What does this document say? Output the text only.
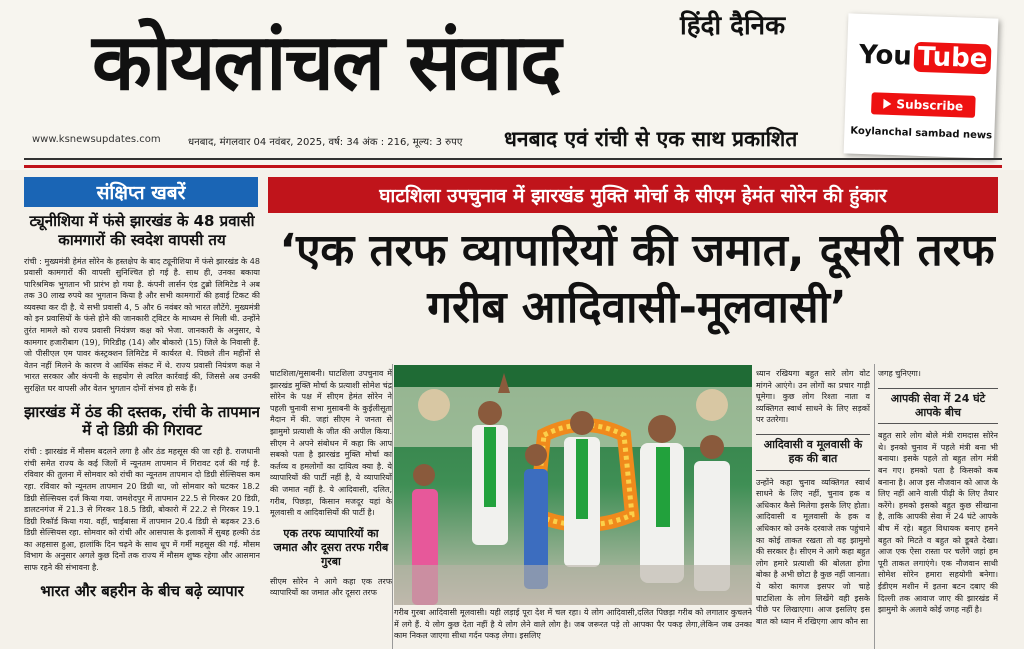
हिंदी दैनिक
कोयलांचल संवाद
www.ksnewsupdates.com	धनबाद, मंगलवार 04 नवंबर, 2025, वर्ष: 34 अंक : 216, मूल्य: 3 रुपए धनबाद एवं रांची से एक साथ प्रकाशित
You Tube
Subscribe
Koylanchal sambad news
संक्षिप्त खबरें
ट्यूनीशिया में फंसे झारखंड के 48 प्रवासी कामगारों की स्वदेश वापसी तय

रांची : मुख्यमंत्री हेमंत सोरेन के हस्तक्षेप के बाद ट्यूनीशिया में फंसे झारखंड के 48 प्रवासी कामगारों की वापसी सुनिश्चित हो गई है. साथ ही, उनका बकाया पारिश्रमिक भुगतान भी प्रारंभ हो गया है. कंपनी लार्सन एंड टुब्रो लिमिटेड ने अब तक 30 लाख रुपये का भुगतान किया है और सभी कामगारों की हवाई टिकट की व्यवस्था कर दी है. ये सभी प्रवासी 4, 5 और 6 नवंबर को भारत लौटेंगे. मुख्यमंत्री को इन प्रवासियों के फंसे होने की जानकारी ट्विटर के माध्यम से मिली थी. उन्होंने तुरंत मामले को राज्य प्रवासी नियंत्रण कक्ष को भेजा. जानकारी के अनुसार, ये कामगार हजारीबाग (19), गिरिडीह (14) और बोकारो (15) जिले के निवासी हैं. जो पीसीएल एम पावर कंस्ट्रक्शन लिमिटेड में कार्यरत थे. पिछले तीन महीनों से वेतन नहीं मिलने के कारण वे आर्थिक संकट में थे. राज्य प्रवासी नियंत्रण कक्ष ने भारत सरकार और कंपनी के सहयोग से त्वरित कार्रवाई की, जिससे अब उनकी सुरक्षित घर वापसी और वेतन भुगतान दोनों संभव हो सके हैं।

झारखंड में ठंड की दस्तक, रांची के तापमान में दो डिग्री की गिरावट

रांची : झारखंड में मौसम बदलने लगा है और ठंड महसूस की जा रही है. राजधानी रांची समेत राज्य के कई जिलों में न्यूनतम तापमान में गिरावट दर्ज की गई है. रविवार की तुलना में सोमवार को रांची का न्यूनतम तापमान दो डिग्री सेल्सियस कम रहा. रविवार को न्यूनतम तापमान 20 डिग्री था, जो सोमवार को घटकर 18.2 डिग्री सेल्सियस दर्ज किया गया. जमशेदपुर में तापमान 22.5 से गिरकर 20 डिग्री, डालटनगंज में 21.3 से गिरकर 18.5 डिग्री, बोकारो में 22.2 से गिरकर 19.1 डिग्री रिकॉर्ड किया गया. वहीं, चाईबासा में तापमान 20.4 डिग्री से बढ़कर 23.6 डिग्री सेल्सियस रहा. सोमवार को रांची और आसपास के इलाकों में सुबह हल्की ठंड का अहसास हुआ, हालांकि दिन चढ़ने के साथ धूप में गर्मी महसूस की गई. मौसम विभाग के अनुसार अगले कुछ दिनों तक राज्य में मौसम शुष्क रहेगा और आसमान साफ रहने की संभावना है.

भारत और बहरीन के बीच बढ़े व्यापार
घाटशिला उपचुनाव में झारखंड मुक्ति मोर्चा के सीएम हेमंत सोरेन की हुंकार
‘एक तरफ व्यापारियों की जमात, दूसरी तरफ गरीब आदिवासी-मूलवासी’

घाटशिला/मुसाबनी। घाटशिला उपचुनाव में झारखंड मुक्ति मोर्चा के प्रत्याशी सोमेश चंद्र सोरेन के पक्ष में सीएम हेमंत सोरेन ने पहली चुनावी सभा मुसाबनी के कुईलीसूता मैदान में की. जहां सीएम ने जनता से झामुमो प्रत्याशी के जीत की अपील किया. सीएम ने अपने संबोधन में कहा कि आप सबको पता है झारखंड मुक्ति मोर्चा का कर्तव्य व हमलोगों का दायित्व क्या है. ये व्यापारियों की पार्टी नहीं है, ये व्यापारियों की जमात नहीं है. ये आदिवासी, दलित, गरीब, पिछड़ा, किसान मजदूर यहां के मूलवासी व आदिवासियों की पार्टी है।

एक तरफ व्यापारियों का जमात और दूसरा तरफ गरीब गुरबा

सीएम सोरेन ने आगे कहा एक तरफ व्यापारियों का जमात और दूसरा तरफ

गरीब गुरबा आदिवासी मूलवासी। यही लड़ाई पूरा देश में चल रहा। ये लोग आदिवासी,दलित पिछड़ा गरीब को लगातार कुचलने में लगे हैं. ये लोग कुछ देता नहीं है ये लोग लेने वाले लोग है। जब जरूरत पड़े तो आपका पैर पकड़ लेगा,लेकिन जब उनका काम निकल जाएगा सीधा गर्दन पकड़ लेगा। इसलिए

ध्यान रखियगा बहुत सारे लोग वोट मांगने आएंगे। उन लोगों का प्रचार गाड़ी घूमेगा। कुछ लोग रिश्ता नाता व व्यक्तिगत स्वार्थ साधने के लिए सड़कों पर उतरेगा।

आदिवासी व मूलवासी के हक की बात

उन्होंने कहा चुनाव व्यक्तिगत स्वार्थ साधने के लिए नहीं, चुनाव हक व अधिकार कैसे मिलेगा इसके लिए होता। आदिवासी व मूलवासी के हक व अधिकार को उनके दरवाजे तक पहुंचाने का कोई ताकत रखता तो वह झामुमो की सरकार है। सीएम ने आगे कहा बहुत लोग हमारे प्रत्याशी की बोलता होगा बोका है अभी छोटा है कुछ नहीं जानता। ये कोरा कागज इसपर जो चाहे घाटशिला के लोग लिखेंगे वही इसके पीछे पर लिखाएगा। आज इसलिए इस बात को ध्यान में रखिएगा आप कौन सा

जगह चुनिएगा।

आपकी सेवा में 24 घंटे आपके बीच

बहुत सारे लोग बोले मंत्री रामदास सोरेन थे। इनको चुनाव में पहले मंत्री बना भी बनाया। इसके पहले तो बहुत लोग मंत्री बन गए। हमको पता है किसको कब बनाना है। आज इस नौजवान को आज के लिए नहीं आने वाली पीढ़ी के लिए तैयार करेंगे। हमको इसको बहुत कुछ सीखाना है, ताकि आपकी सेवा में 24 घंटे आपके बीच में रहे। बहुत विधायक बनाए हमने बहुत को मिटते व बहुत को डूबते देखा। आज एक ऐसा रास्ता पर चलेंगे जहां हम पूरी ताकत लगाएंगे। एक नौजवान साथी सोमेश सोरेन हमारा सहयोगी बनेगा। ईडीएम मशीन में इतना बटन दबाए की दिल्ली तक आवाज जाए की झारखंड में झामुमो के अलावे कोई जगह नहीं है।
